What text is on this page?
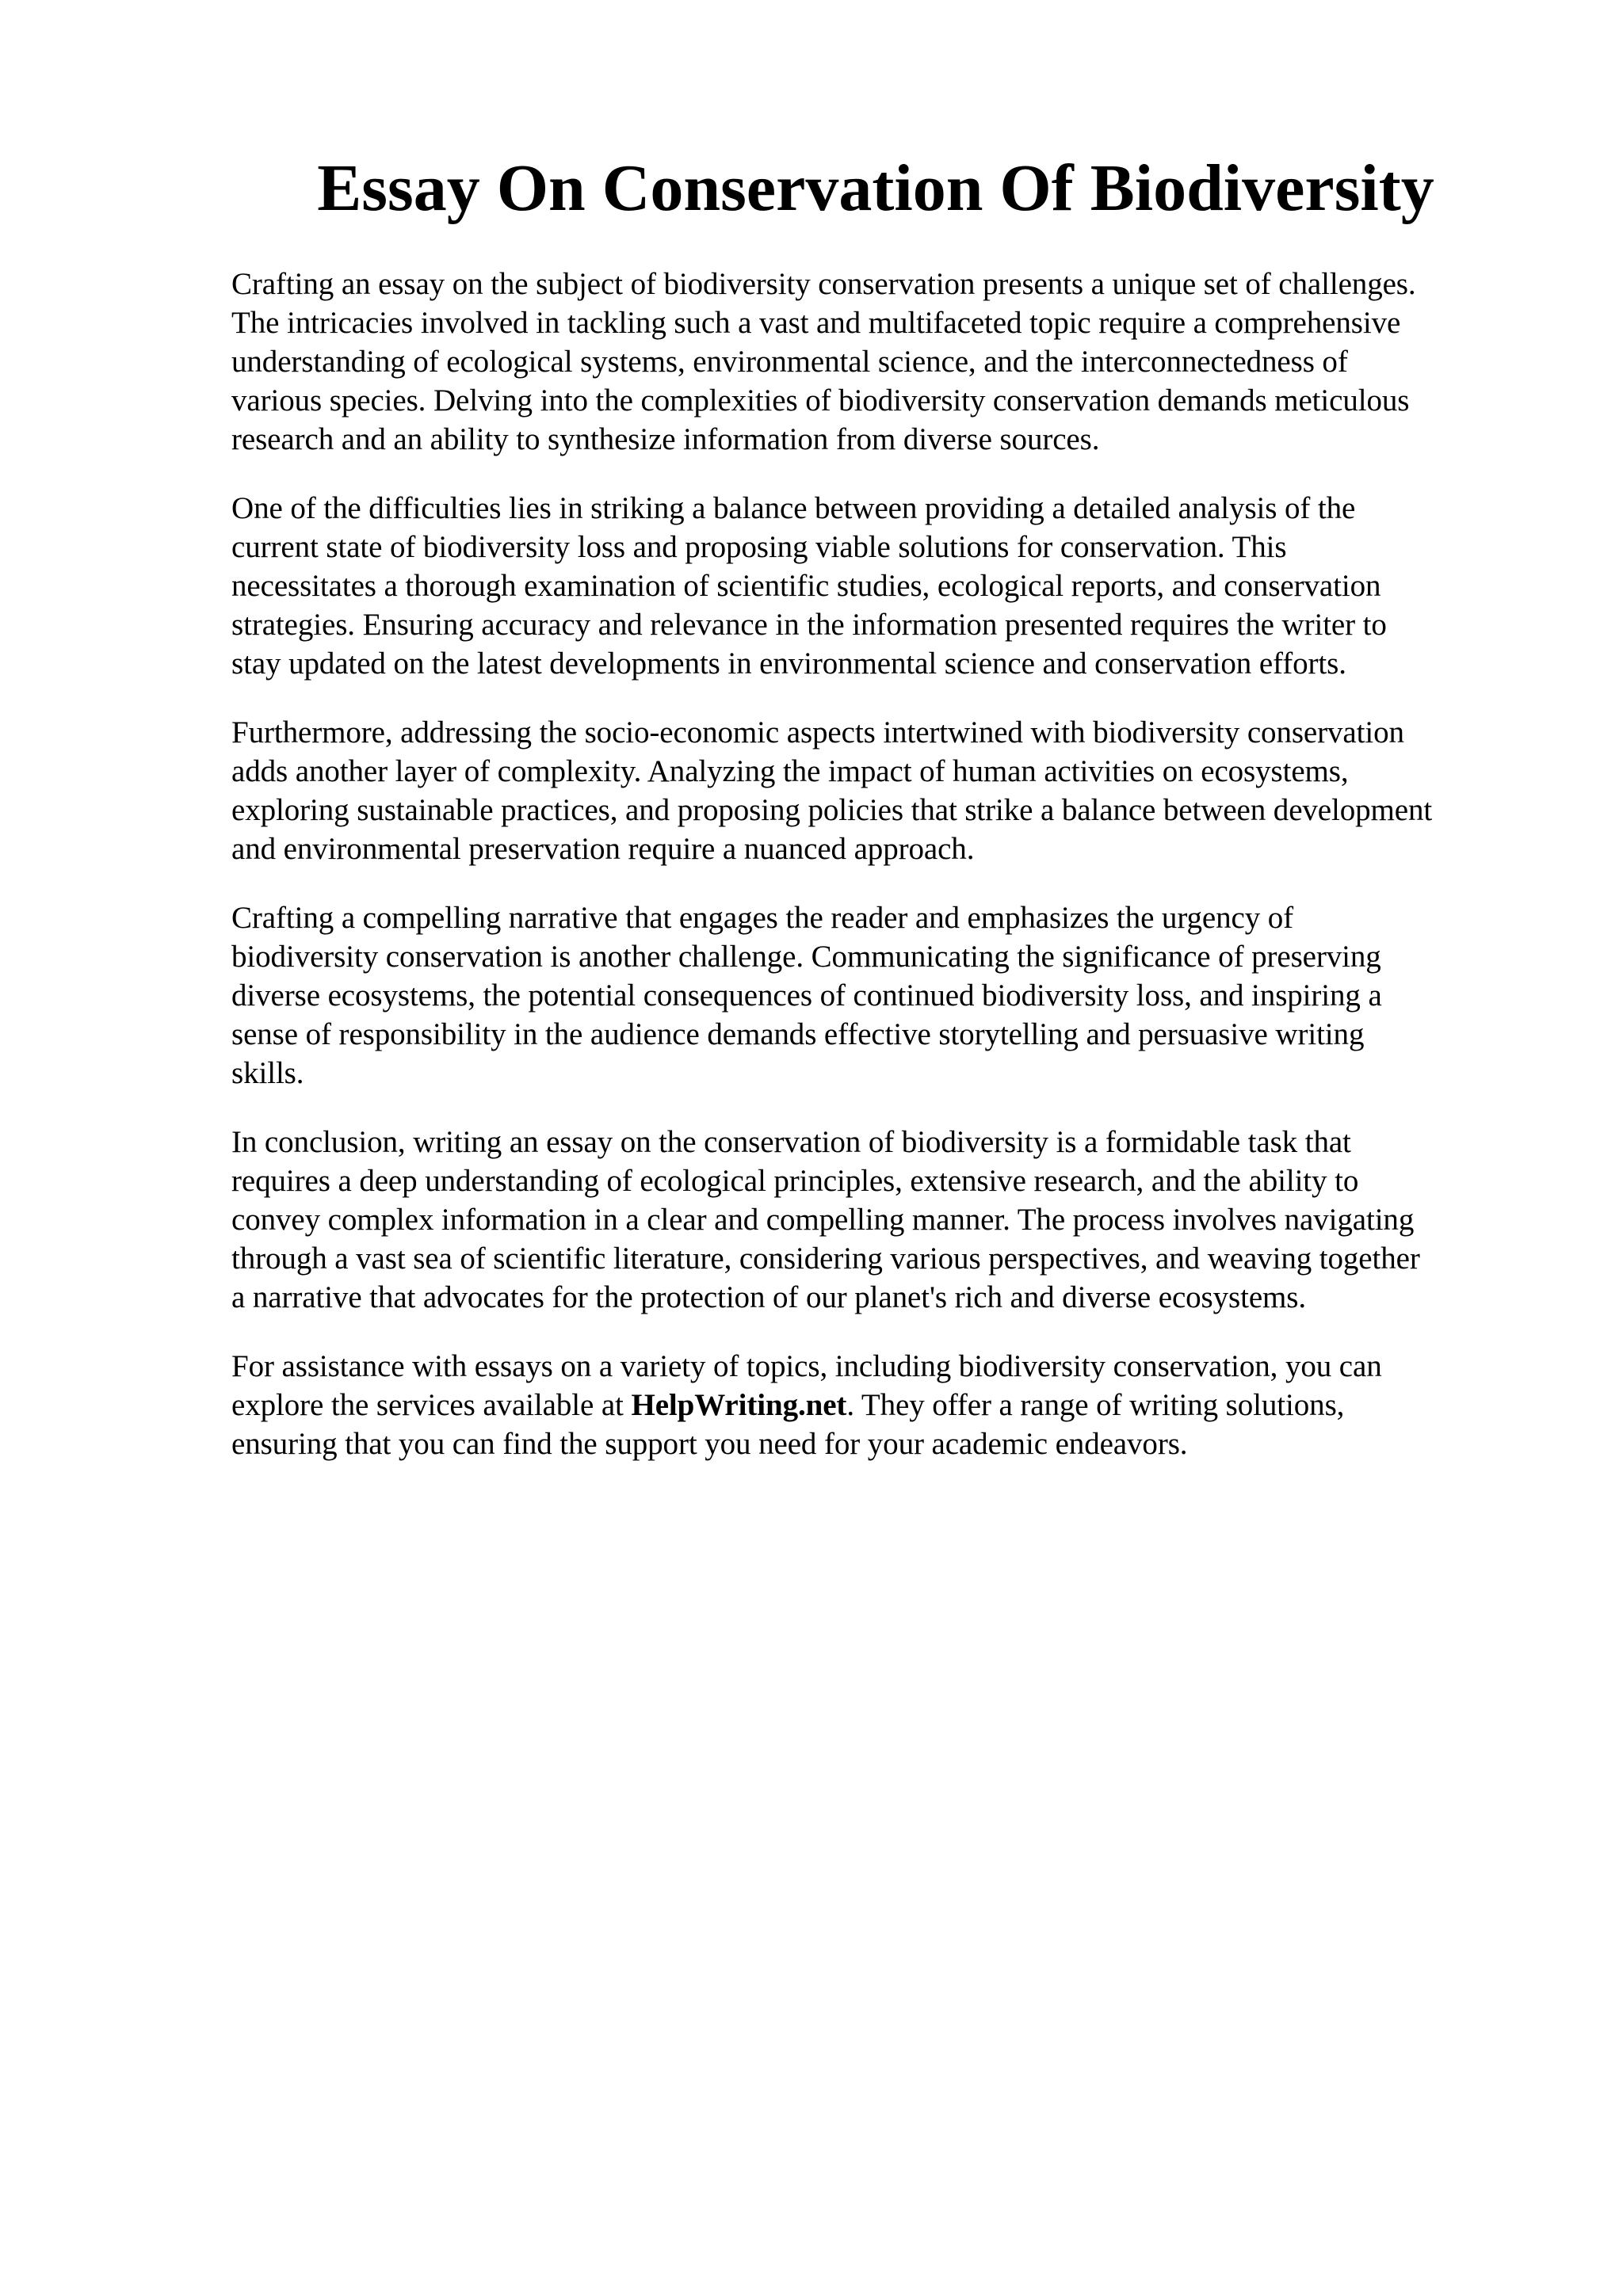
Essay On Conservation Of Biodiversity

Crafting an essay on the subject of biodiversity conservation presents a unique set of challenges.
The intricacies involved in tackling such a vast and multifaceted topic require a comprehensive
understanding of ecological systems, environmental science, and the interconnectedness of
various species. Delving into the complexities of biodiversity conservation demands meticulous
research and an ability to synthesize information from diverse sources.

One of the difficulties lies in striking a balance between providing a detailed analysis of the
current state of biodiversity loss and proposing viable solutions for conservation. This
necessitates a thorough examination of scientific studies, ecological reports, and conservation
strategies. Ensuring accuracy and relevance in the information presented requires the writer to
stay updated on the latest developments in environmental science and conservation efforts.

Furthermore, addressing the socio-economic aspects intertwined with biodiversity conservation
adds another layer of complexity. Analyzing the impact of human activities on ecosystems,
exploring sustainable practices, and proposing policies that strike a balance between development
and environmental preservation require a nuanced approach.

Crafting a compelling narrative that engages the reader and emphasizes the urgency of
biodiversity conservation is another challenge. Communicating the significance of preserving
diverse ecosystems, the potential consequences of continued biodiversity loss, and inspiring a
sense of responsibility in the audience demands effective storytelling and persuasive writing
skills.

In conclusion, writing an essay on the conservation of biodiversity is a formidable task that
requires a deep understanding of ecological principles, extensive research, and the ability to
convey complex information in a clear and compelling manner. The process involves navigating
through a vast sea of scientific literature, considering various perspectives, and weaving together
a narrative that advocates for the protection of our planet's rich and diverse ecosystems.

For assistance with essays on a variety of topics, including biodiversity conservation, you can
explore the services available at HelpWriting.net. They offer a range of writing solutions,
ensuring that you can find the support you need for your academic endeavors.
